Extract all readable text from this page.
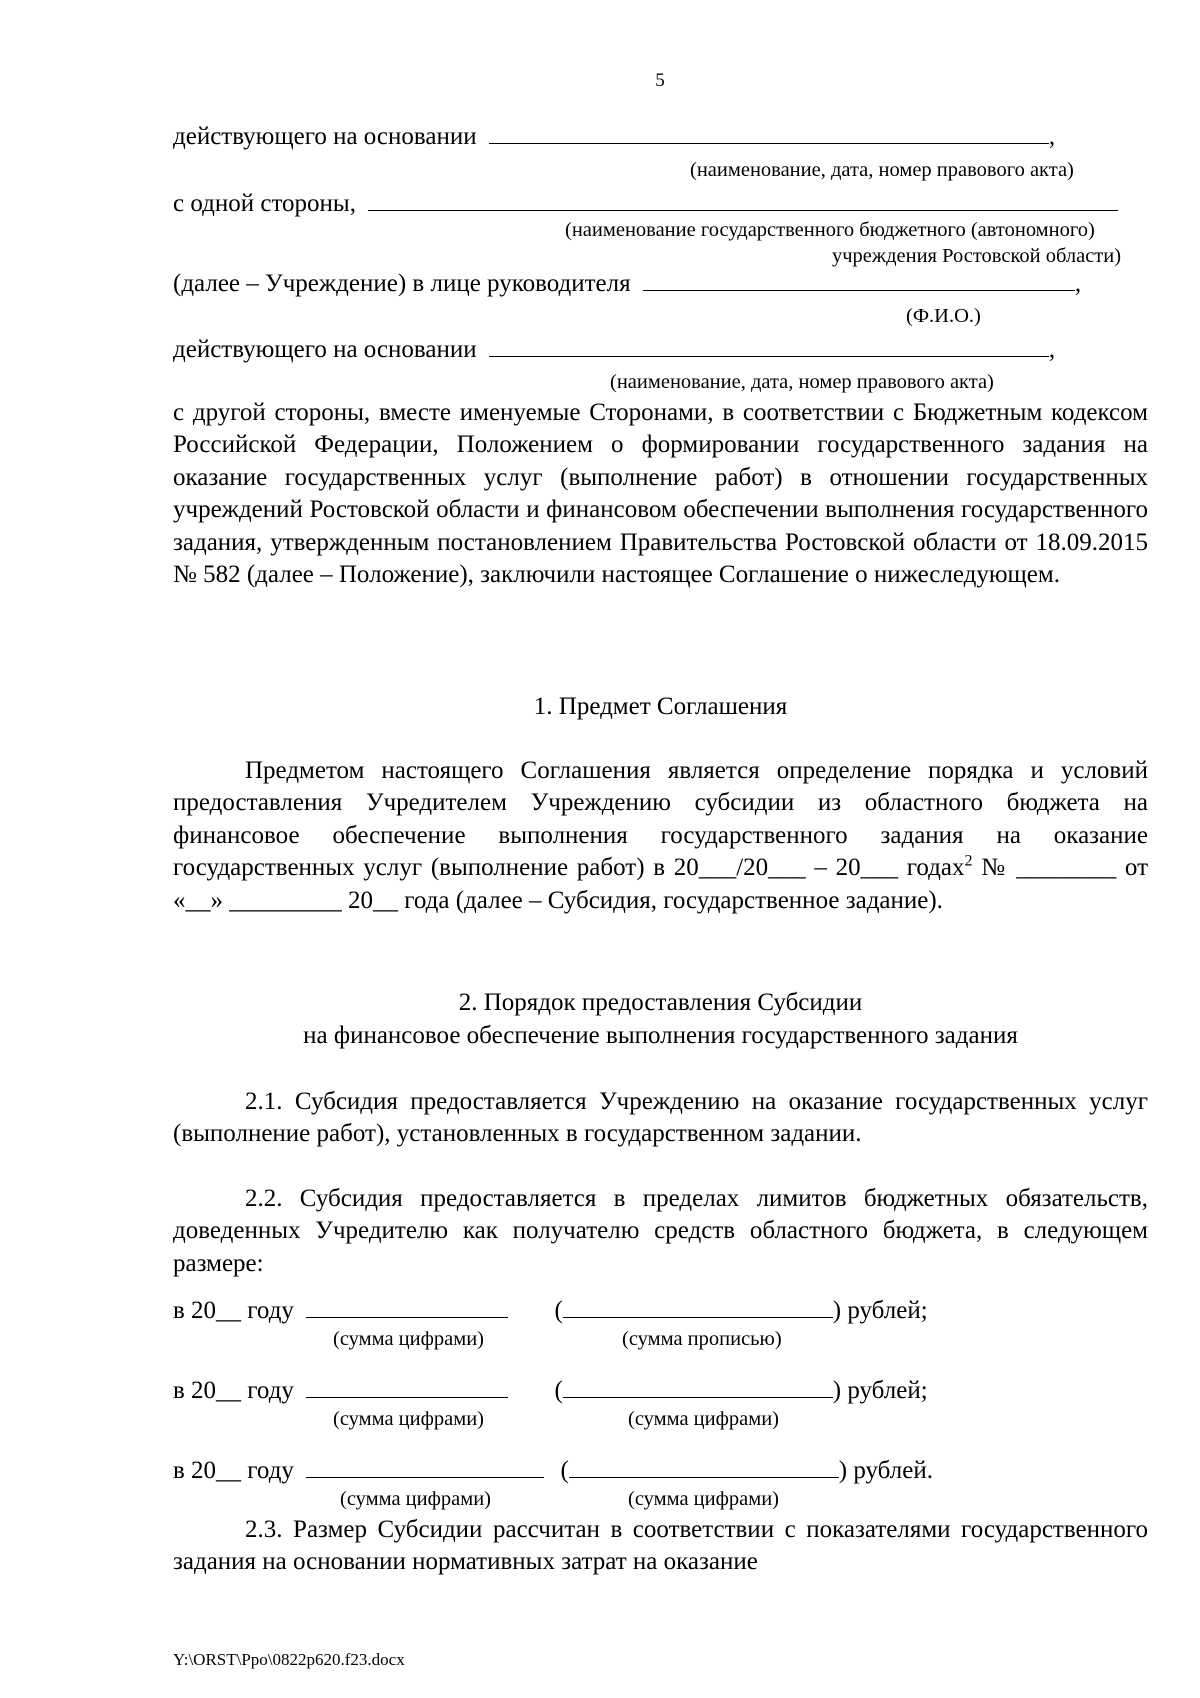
5
действующего на основании	,
(наименование, дата, номер правового акта)
с одной стороны,
(наименование государственного бюджетного (автономного)
учреждения Ростовской области)
(далее – Учреждение) в лице руководителя	,
(Ф.И.О.)
действующего на основании	,
(наименование, дата, номер правового акта)
с другой стороны, вместе именуемые Сторонами, в соответствии с Бюджетным кодексом Российской Федерации, Положением о формировании государственного задания на оказание государственных услуг (выполнение работ) в отношении государственных учреждений Ростовской области и финансовом обеспечении выполнения государственного задания, утвержденным постановлением Правительства Ростовской области от 18.09.2015 № 582 (далее – Положение), заключили настоящее Соглашение о нижеследующем.
1. Предмет Соглашения
Предметом настоящего Соглашения является определение порядка и условий предоставления Учредителем Учреждению субсидии из областного бюджета на финансовое обеспечение выполнения государственного задания на оказание государственных услуг (выполнение работ) в 20___/20___ – 20___ годах$^2$ № ________ от «__» _________ 20__ года (далее – Субсидия, государственное задание).
2. Порядок предоставления Субсидии
на финансовое обеспечение выполнения государственного задания
2.1. Субсидия предоставляется Учреждению на оказание государственных услуг (выполнение работ), установленных в государственном задании.
2.2. Субсидия предоставляется в пределах лимитов бюджетных обязательств, доведенных Учредителю как получателю средств областного бюджета, в следующем размере:
в 20__ году	(	) рублей;
(сумма цифрами)	(сумма прописью)
в 20__ году	(	) рублей;
(сумма цифрами)	(сумма цифрами)
в 20__ году	(	) рублей.
(сумма цифрами)	(сумма цифрами)
2.3. Размер Субсидии рассчитан в соответствии с показателями государственного задания на основании нормативных затрат на оказание
Y:\ORST\Ppo\0822p620.f23.docx
